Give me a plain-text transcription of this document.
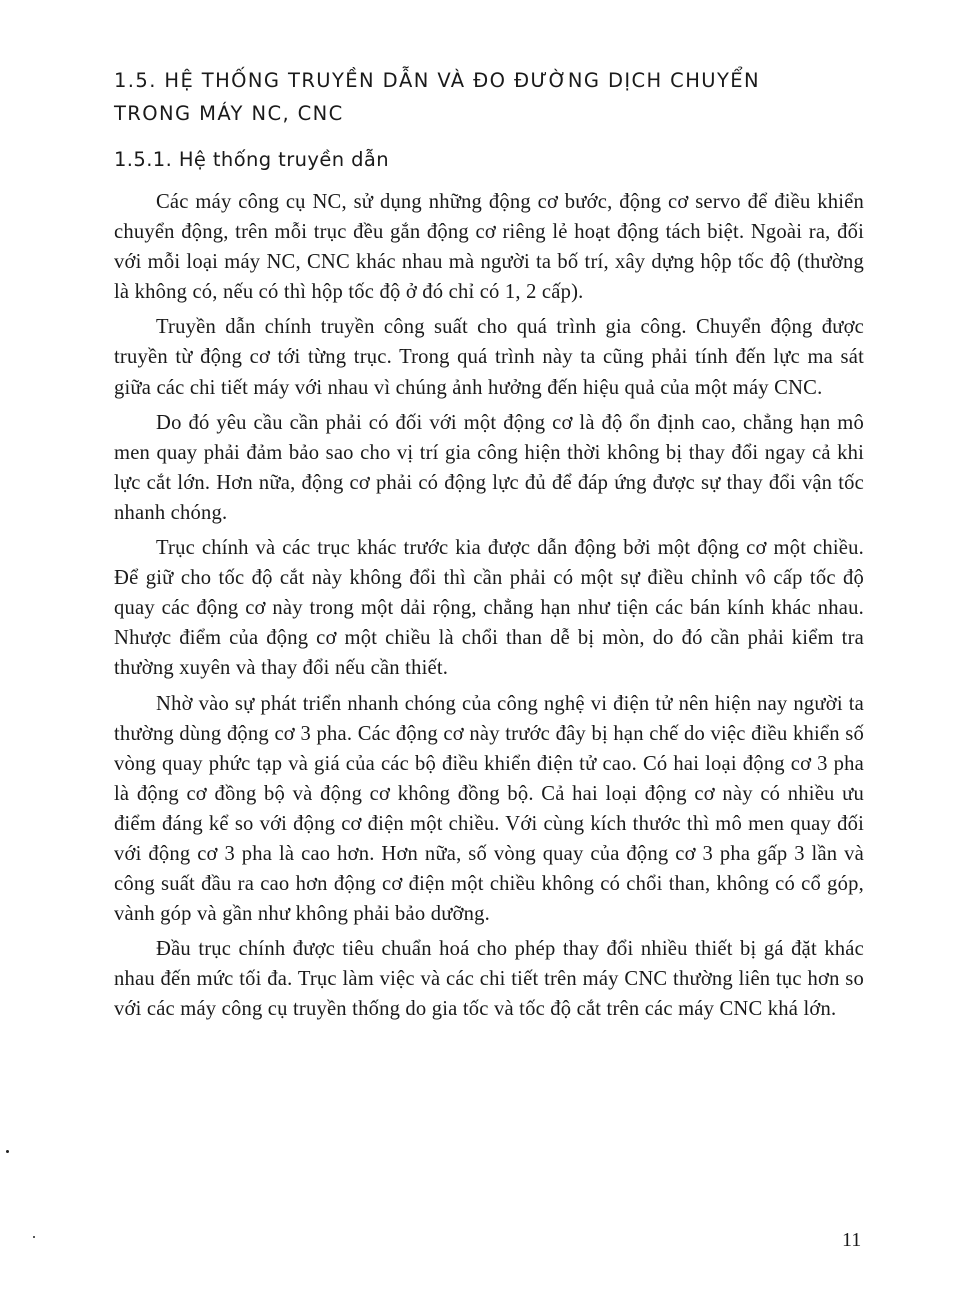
1.5. HỆ THỐNG TRUYỀN DẪN VÀ ĐO ĐƯỜNG DỊCH CHUYỂN
TRONG MÁY NC, CNC
1.5.1. Hệ thống truyền dẫn

Các máy công cụ NC, sử dụng những động cơ bước, động cơ servo để điều khiển chuyển động, trên mỗi trục đều gắn động cơ riêng lẻ hoạt động tách biệt. Ngoài ra, đối với mỗi loại máy NC, CNC khác nhau mà người ta bố trí, xây dựng hộp tốc độ (thường là không có, nếu có thì hộp tốc độ ở đó chỉ có 1, 2 cấp).

Truyền dẫn chính truyền công suất cho quá trình gia công. Chuyển động được truyền từ động cơ tới từng trục. Trong quá trình này ta cũng phải tính đến lực ma sát giữa các chi tiết máy với nhau vì chúng ảnh hưởng đến hiệu quả của một máy CNC.

Do đó yêu cầu cần phải có đối với một động cơ là độ ổn định cao, chẳng hạn mô men quay phải đảm bảo sao cho vị trí gia công hiện thời không bị thay đổi ngay cả khi lực cắt lớn. Hơn nữa, động cơ phải có động lực đủ để đáp ứng được sự thay đổi vận tốc nhanh chóng.

Trục chính và các trục khác trước kia được dẫn động bởi một động cơ một chiều. Để giữ cho tốc độ cắt này không đổi thì cần phải có một sự điều chỉnh vô cấp tốc độ quay các động cơ này trong một dải rộng, chẳng hạn như tiện các bán kính khác nhau. Nhược điểm của động cơ một chiều là chổi than dễ bị mòn, do đó cần phải kiểm tra thường xuyên và thay đổi nếu cần thiết.

Nhờ vào sự phát triển nhanh chóng của công nghệ vi điện tử nên hiện nay người ta thường dùng động cơ 3 pha. Các động cơ này trước đây bị hạn chế do việc điều khiển số vòng quay phức tạp và giá của các bộ điều khiển điện tử cao. Có hai loại động cơ 3 pha là động cơ đồng bộ và động cơ không đồng bộ. Cả hai loại động cơ này có nhiều ưu điểm đáng kể so với động cơ điện một chiều. Với cùng kích thước thì mô men quay đối với động cơ 3 pha là cao hơn. Hơn nữa, số vòng quay của động cơ 3 pha gấp 3 lần và công suất đầu ra cao hơn động cơ điện một chiều không có chổi than, không có cổ góp, vành góp và gần như không phải bảo dưỡng.

Đầu trục chính được tiêu chuẩn hoá cho phép thay đổi nhiều thiết bị gá đặt khác nhau đến mức tối đa. Trục làm việc và các chi tiết trên máy CNC thường liên tục hơn so với các máy công cụ truyền thống do gia tốc và tốc độ cắt trên các máy CNC khá lớn.

11
